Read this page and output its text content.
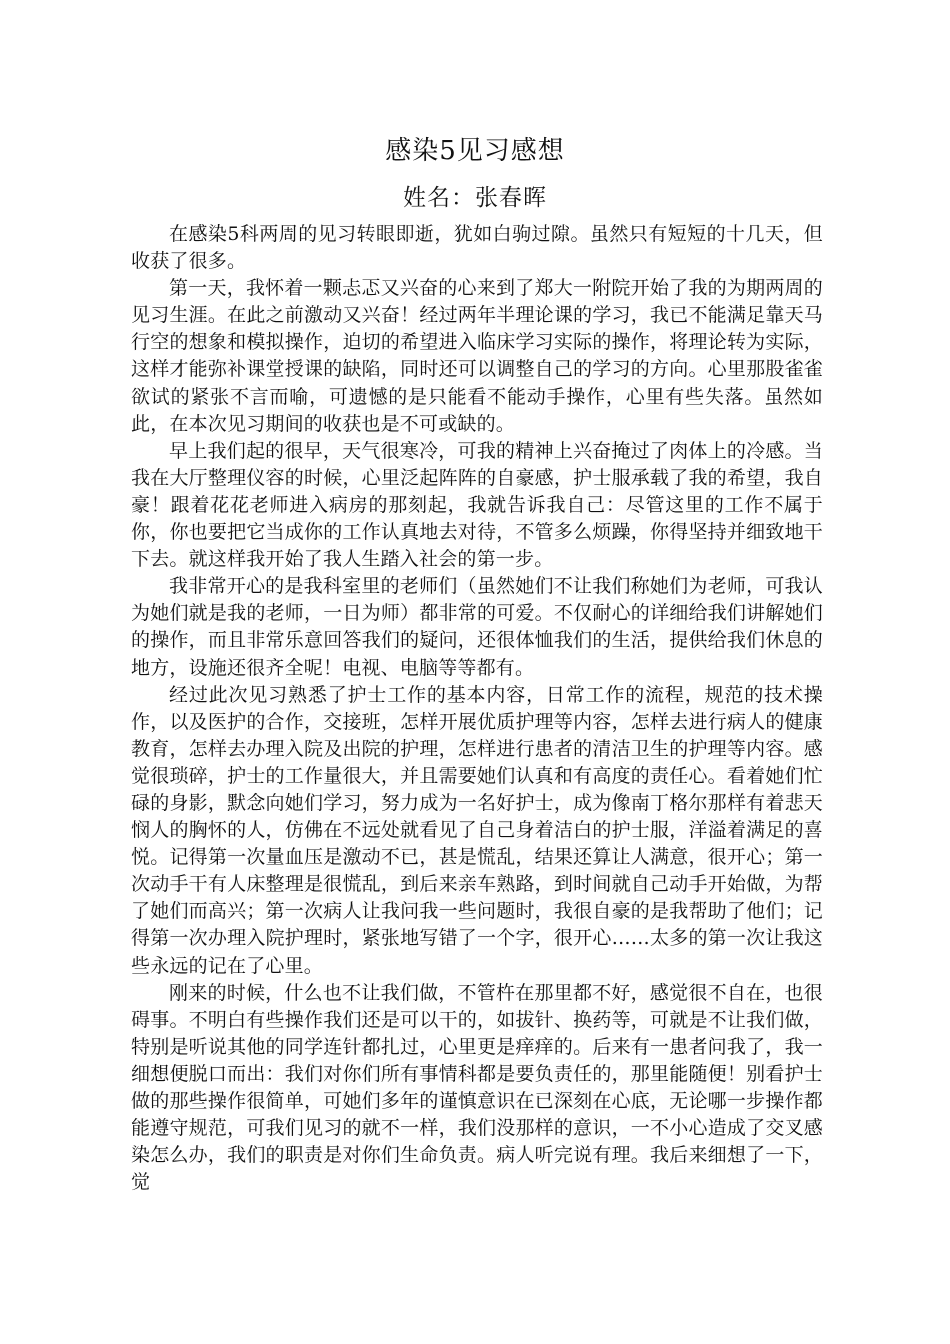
感染5见习感想
姓名：张春晖

在感染5科两周的见习转眼即逝，犹如白驹过隙。虽然只有短短的十几天，但收获了很多。

第一天，我怀着一颗忐忑又兴奋的心来到了郑大一附院开始了我的为期两周的见习生涯。在此之前激动又兴奋！经过两年半理论课的学习，我已不能满足靠天马行空的想象和模拟操作，迫切的希望进入临床学习实际的操作，将理论转为实际，这样才能弥补课堂授课的缺陷，同时还可以调整自己的学习的方向。心里那股雀雀欲试的紧张不言而喻，可遗憾的是只能看不能动手操作，心里有些失落。虽然如此，在本次见习期间的收获也是不可或缺的。

早上我们起的很早，天气很寒冷，可我的精神上兴奋掩过了肉体上的冷感。当我在大厅整理仪容的时候，心里泛起阵阵的自豪感，护士服承载了我的希望，我自豪！跟着花花老师进入病房的那刻起，我就告诉我自己：尽管这里的工作不属于你，你也要把它当成你的工作认真地去对待，不管多么烦躁，你得坚持并细致地干下去。就这样我开始了我人生踏入社会的第一步。

我非常开心的是我科室里的老师们（虽然她们不让我们称她们为老师，可我认为她们就是我的老师，一日为师）都非常的可爱。不仅耐心的详细给我们讲解她们的操作，而且非常乐意回答我们的疑问，还很体恤我们的生活，提供给我们休息的地方，设施还很齐全呢！电视、电脑等等都有。

经过此次见习熟悉了护士工作的基本内容，日常工作的流程，规范的技术操作，以及医护的合作，交接班，怎样开展优质护理等内容，怎样去进行病人的健康教育，怎样去办理入院及出院的护理，怎样进行患者的清洁卫生的护理等内容。感觉很琐碎，护士的工作量很大，并且需要她们认真和有高度的责任心。看着她们忙碌的身影，默念向她们学习，努力成为一名好护士，成为像南丁格尔那样有着悲天悯人的胸怀的人，仿佛在不远处就看见了自己身着洁白的护士服，洋溢着满足的喜悦。记得第一次量血压是激动不已，甚是慌乱，结果还算让人满意，很开心；第一次动手干有人床整理是很慌乱，到后来亲车熟路，到时间就自己动手开始做，为帮了她们而高兴；第一次病人让我问我一些问题时，我很自豪的是我帮助了他们；记得第一次办理入院护理时，紧张地写错了一个字，很开心……太多的第一次让我这些永远的记在了心里。

刚来的时候，什么也不让我们做，不管杵在那里都不好，感觉很不自在，也很碍事。不明白有些操作我们还是可以干的，如拔针、换药等，可就是不让我们做，特别是听说其他的同学连针都扎过，心里更是痒痒的。后来有一患者问我了，我一细想便脱口而出：我们对你们所有事情科都是要负责任的，那里能随便！别看护士做的那些操作很简单，可她们多年的谨慎意识在已深刻在心底，无论哪一步操作都能遵守规范，可我们见习的就不一样，我们没那样的意识，一不小心造成了交叉感染怎么办，我们的职责是对你们生命负责。病人听完说有理。我后来细想了一下，觉
